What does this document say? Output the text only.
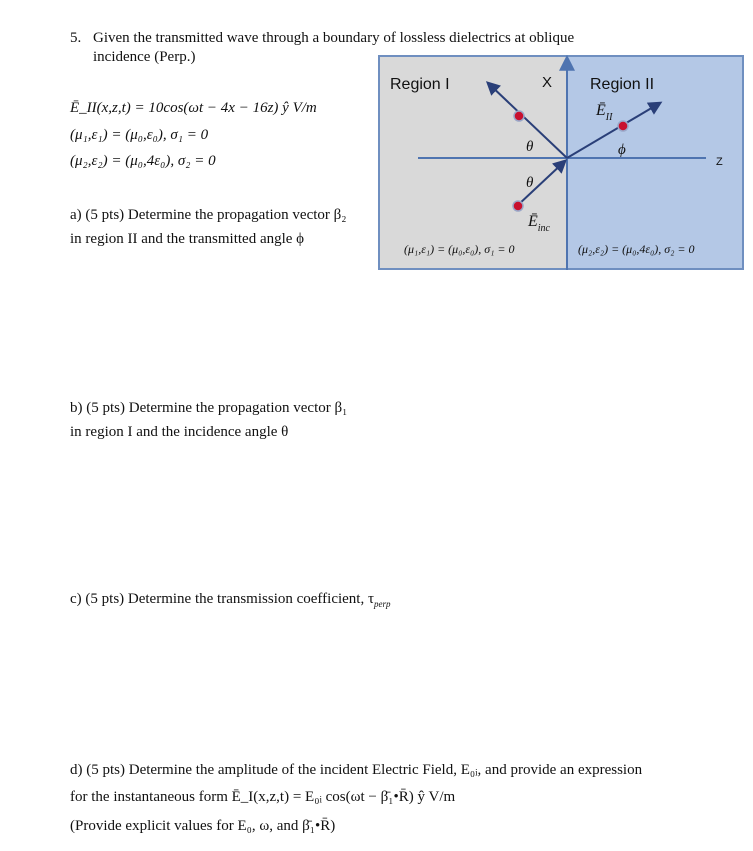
5. Given the transmitted wave through a boundary of lossless dielectrics at oblique
incidence (Perp.)
Ē_II(x,z,t) = 10cos(ωt − 4x − 16z) ŷ V/m
(μ₁,ε₁) = (μ₀,ε₀), σ₁ = 0
(μ₂,ε₂) = (μ₀,4ε₀), σ₂ = 0
Region I	Region II
X
Z
θ
θ
ϕ
$Ē_{II}$
$Ē_{inc}$
(μ₁,ε₁) = (μ₀,ε₀), σ₁ = 0	(μ₂,ε₂) = (μ₀,4ε₀), σ₂ = 0
a) (5 pts) Determine the propagation vector β₂
in region II and the transmitted angle ϕ
b) (5 pts) Determine the propagation vector β₁
in region I and the incidence angle θ
c) (5 pts) Determine the transmission coefficient, $\tau_{perp}$
d) (5 pts) Determine the amplitude of the incident Electric Field, E₀ᵢ, and provide an expression
for the instantaneous form Ē_I(x,z,t) = E₀ᵢ cos(ωt − β̄₁•R̄) ŷ V/m
(Provide explicit values for E₀, ω, and β̄₁•R̄)
